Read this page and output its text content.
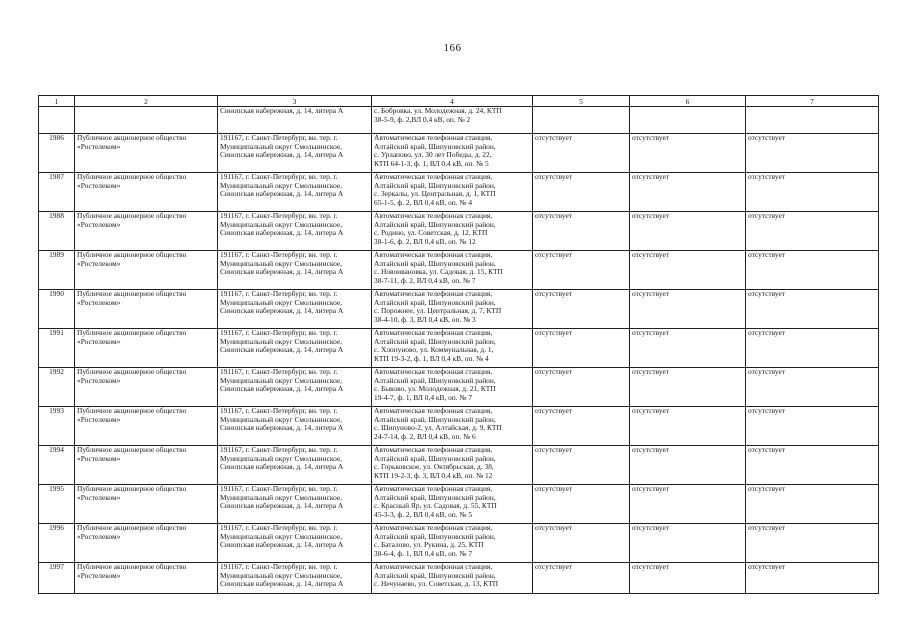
166
1	2	3	4	5	6	7
		Синопская набережная, д. 14, литера А	с. Бобровка, ул. Молодежная, д. 24, КТП
38-5-9, ф. 2,ВЛ 0,4 кВ, оп. № 2			
1986	Публичное акционерное общество
«Ростелеком»	191167, г. Санкт-Петербург, вн. тер. г.
Муниципальный округ Смольнинское,
Синопская набережная, д. 14, литера А	Автоматическая телефонная станция,
Алтайский край, Шипуновский район,
с. Урлапово, ул. 30 лет Победы, д. 22,
КТП 64-1-3, ф. 1, ВЛ 0,4 кВ, оп. № 5	отсутствует	отсутствует	отсутствует
1987	Публичное акционерное общество
«Ростелеком»	191167, г. Санкт-Петербург, вн. тер. г.
Муниципальный округ Смольнинское,
Синопская набережная, д. 14, литера А	Автоматическая телефонная станция,
Алтайский край, Шипуновский район,
с. Зеркалы, ул. Центральная, д. 1, КТП
65-1-5, ф. 2, ВЛ 0,4 кВ, оп. № 4	отсутствует	отсутствует	отсутствует
1988	Публичное акционерное общество
«Ростелеком»	191167, г. Санкт-Петербург, вн. тер. г.
Муниципальный округ Смольнинское,
Синопская набережная, д. 14, литера А	Автоматическая телефонная станция,
Алтайский край, Шипуновский район,
с. Родино, ул. Советская, д. 12, КТП
38-1-6, ф. 2, ВЛ 0,4 кВ, оп. № 12	отсутствует	отсутствует	отсутствует
1989	Публичное акционерное общество
«Ростелеком»	191167, г. Санкт-Петербург, вн. тер. г.
Муниципальный округ Смольнинское,
Синопская набережная, д. 14, литера А	Автоматическая телефонная станция,
Алтайский край, Шипуновский район,
с. Новоивановка, ул. Садовая, д. 15, КТП
38-7-11, ф. 2, ВЛ 0,4 кВ, оп. № 7	отсутствует	отсутствует	отсутствует
1990	Публичное акционерное общество
«Ростелеком»	191167, г. Санкт-Петербург, вн. тер. г.
Муниципальный округ Смольнинское,
Синопская набережная, д. 14, литера А	Автоматическая телефонная станция,
Алтайский край, Шипуновский район,
с. Порожнее, ул. Центральная, д. 7, КТП
38-4-10, ф. 3, ВЛ 0,4 кВ, оп. № 3	отсутствует	отсутствует	отсутствует
1991	Публичное акционерное общество
«Ростелеком»	191167, г. Санкт-Петербург, вн. тер. г.
Муниципальный округ Смольнинское,
Синопская набережная, д. 14, литера А	Автоматическая телефонная станция,
Алтайский край, Шипуновский район,
с. Хлопуново, ул. Коммунальная, д. 1,
КТП 19-3-2, ф. 1, ВЛ 0,4 кВ, оп. № 4	отсутствует	отсутствует	отсутствует
1992	Публичное акционерное общество
«Ростелеком»	191167, г. Санкт-Петербург, вн. тер. г.
Муниципальный округ Смольнинское,
Синопская набережная, д. 14, литера А	Автоматическая телефонная станция,
Алтайский край, Шипуновский район,
с. Быково, ул. Молодежная, д. 21, КТП
19-4-7, ф. 1, ВЛ 0,4 кВ, оп. № 7	отсутствует	отсутствует	отсутствует
1993	Публичное акционерное общество
«Ростелеком»	191167, г. Санкт-Петербург, вн. тер. г.
Муниципальный округ Смольнинское,
Синопская набережная, д. 14, литера А	Автоматическая телефонная станция,
Алтайский край, Шипуновский район,
с. Шипуново-2, ул. Алтайская, д. 9, КТП
24-7-14, ф. 2, ВЛ 0,4 кВ, оп. № 6	отсутствует	отсутствует	отсутствует
1994	Публичное акционерное общество
«Ростелеком»	191167, г. Санкт-Петербург, вн. тер. г.
Муниципальный округ Смольнинское,
Синопская набережная, д. 14, литера А	Автоматическая телефонная станция,
Алтайский край, Шипуновский район,
с. Горьковское, ул. Октябрьская, д. 38,
КТП 19-2-3, ф. 3, ВЛ 0,4 кВ, оп. № 12	отсутствует	отсутствует	отсутствует
1995	Публичное акционерное общество
«Ростелеком»	191167, г. Санкт-Петербург, вн. тер. г.
Муниципальный округ Смольнинское,
Синопская набережная, д. 14, литера А	Автоматическая телефонная станция,
Алтайский край, Шипуновский район,
с. Красный Яр, ул. Садовая, д. 55, КТП
45-3-3, ф. 2, ВЛ 0,4 кВ, оп. № 5	отсутствует	отсутствует	отсутствует
1996	Публичное акционерное общество
«Ростелеком»	191167, г. Санкт-Петербург, вн. тер. г.
Муниципальный округ Смольнинское,
Синопская набережная, д. 14, литера А	Автоматическая телефонная станция,
Алтайский край, Шипуновский район,
с. Баталово, ул. Рукина, д. 25, КТП
38-6-4, ф. 1, ВЛ 0,4 кВ, оп. № 7	отсутствует	отсутствует	отсутствует
1997	Публичное акционерное общество
«Ростелеком»	191167, г. Санкт-Петербург, вн. тер. г.
Муниципальный округ Смольнинское,
Синопская набережная, д. 14, литера А	Автоматическая телефонная станция,
Алтайский край, Шипуновский район,
с. Нечунаево, ул. Советская, д. 13, КТП	отсутствует	отсутствует	отсутствует
